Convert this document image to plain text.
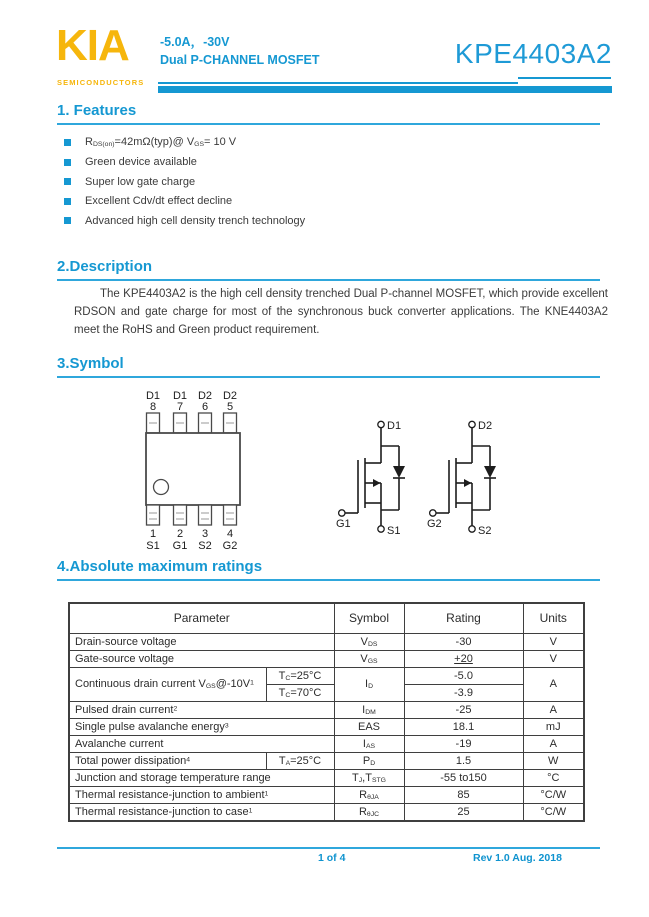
KIA
SEMICONDUCTORS
-5.0A，-30V
Dual P-CHANNEL MOSFET	KPE4403A2
1. Features
$R_{DS(on)}=42m\Omega(typ)@$ $V_{GS}= 10$ V
Green device available
Super low gate charge
Excellent Cdv/dt effect decline
Advanced high cell density trench technology
2.Description

The KPE4403A2 is the high cell density trenched Dual P-channel MOSFET, which provide excellent RDSON and gate charge for most of the synchronous buck converter applications. The KNE4403A2 meet the RoHS and Green product requirement.

3.Symbol
D1 D1 D2 D2
8 7 6 5
1 2 3 4
S1 G1 S2 G2
D1
G1
S1
D2
G2
S2
4.Absolute maximum ratings
Parameter		Symbol	Rating	Units
Drain-source voltage		$V_{DS}$	-30	V
Gate-source voltage		$V_{GS}$	+20	V
Continuous drain current $V_{GS}@-10V^1$	$T_C=25^\circ C$	$I_D$	-5.0	A
	$T_C=70^\circ C$		-3.9	
Pulsed drain current$^2$		$I_{DM}$	-25	A
Single pulse avalanche energy$^3$		EAS	18.1	mJ
Avalanche current		$I_{AS}$	-19	A
Total power dissipation$^4$	$T_A=25^\circ C$	$P_D$	1.5	W
Junction and storage temperature range		$T_J,T_{STG}$	-55 to150	°C
Thermal resistance-junction to ambient$^1$		$R_{\theta JA}$	85	°C/W
Thermal resistance-junction to case$^1$		$R_{\theta JC}$	25	°C/W
1 of 4	Rev 1.0 Aug. 2018
